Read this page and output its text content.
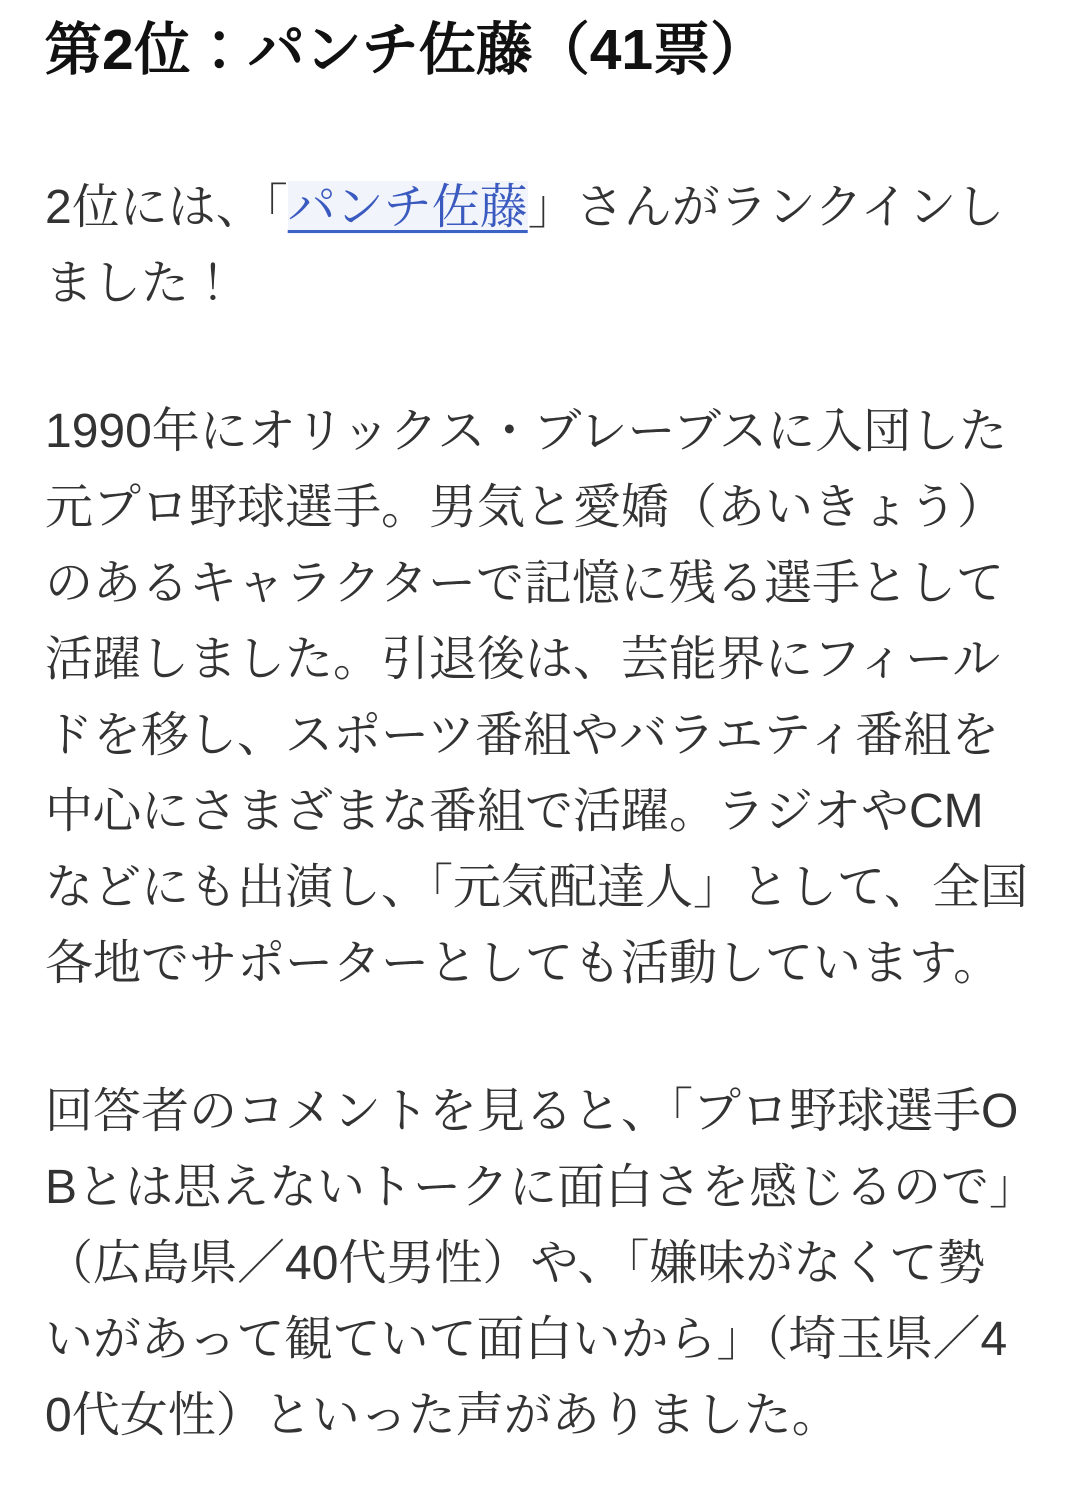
第2位：パンチ佐藤（41票）

2位には、「パンチ佐藤」さんがランクインしました！

1990年にオリックス・ブレーブスに入団した元プロ野球選手。男気と愛嬌（あいきょう）のあるキャラクターで記憶に残る選手として活躍しました。引退後は、芸能界にフィールドを移し、スポーツ番組やバラエティ番組を中心にさまざまな番組で活躍。ラジオやCMなどにも出演し、「元気配達人」として、全国各地でサポーターとしても活動しています。

回答者のコメントを見ると、「プロ野球選手OBとは思えないトークに面白さを感じるので」（広島県／40代男性）や、「嫌味がなくて勢いがあって観ていて面白いから」（埼玉県／40代女性）といった声がありました。
